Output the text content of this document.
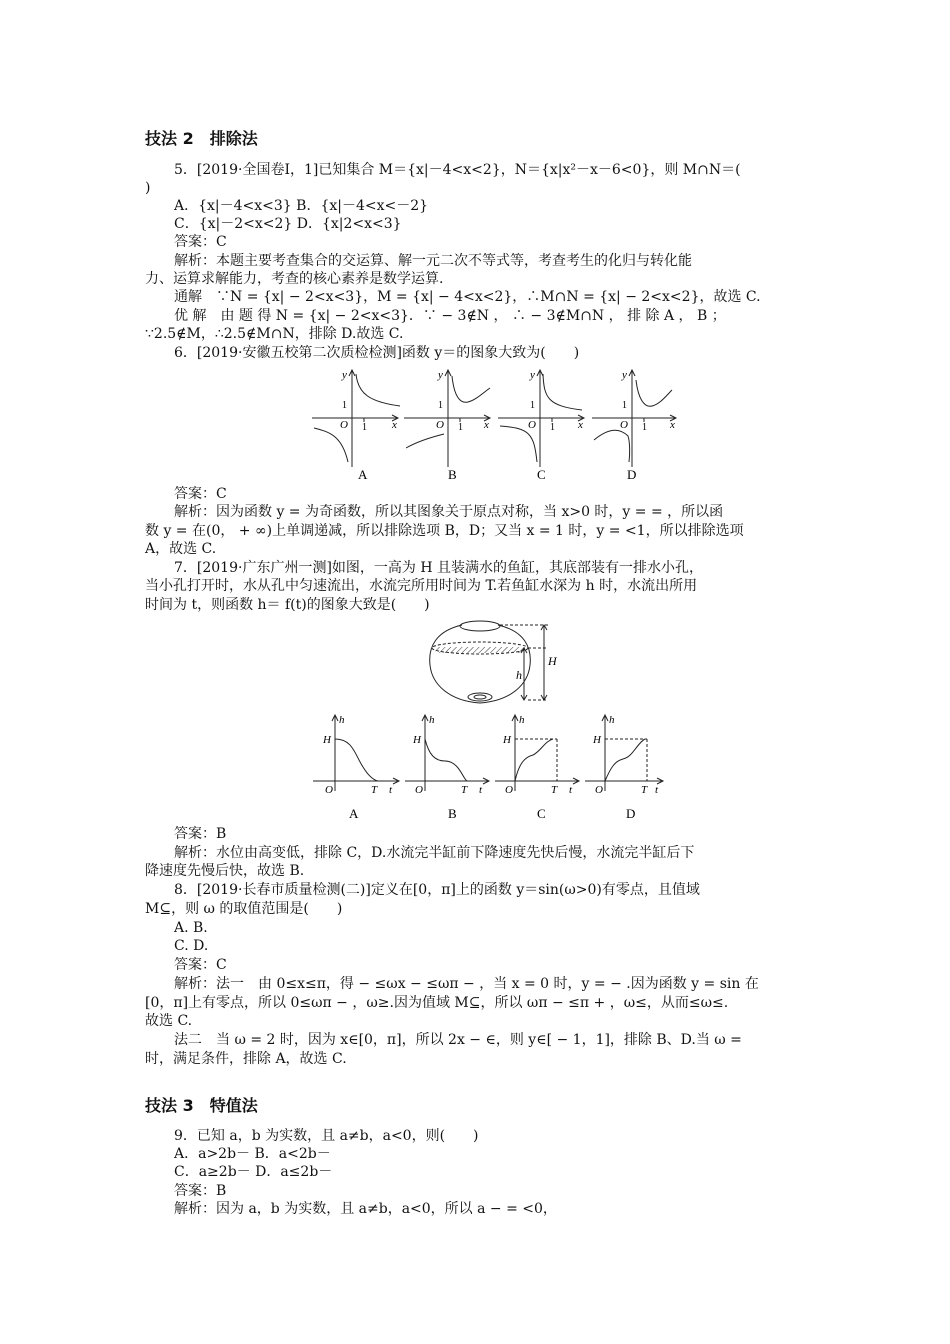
技法 2　排除法
5．[2019·全国卷Ⅰ，1]已知集合 M＝{x|－4<x<2}，N＝{x|x²－x－6<0}，则 M∩N＝(
)
A．{x|－4<x<3} B．{x|－4<x<－2}
C．{x|－2<x<2} D．{x|2<x<3}
答案：C
解析：本题主要考查集合的交运算、解一元二次不等式等，考查考生的化归与转化能
力、运算求解能力，考查的核心素养是数学运算.
通解　∵N = {x| − 2<x<3}，M = {x| − 4<x<2}，∴M∩N = {x| − 2<x<2}，故选 C.
优 解　由 题 得 N = {x| − 2<x<3}．∵ − 3∉N ， ∴ − 3∉M∩N ， 排 除 A ， B ；
∵2.5∉M，∴2.5∉M∩N，排除 D.故选 C.
6．[2019·安徽五校第二次质检检测]函数 y＝的图象大致为(　　)
y
x
O 1
1
A
y
x
O 1
1
B
y
x
O 1
1
C
y
x
O 1
1
D
答案：C
解析：因为函数 y = 为奇函数，所以其图象关于原点对称，当 x>0 时，y = = ，所以函
数 y = 在(0， + ∞)上单调递减，所以排除选项 B，D；又当 x = 1 时，y = <1，所以排除选项
A，故选 C.
7．[2019·广东广州一测]如图，一高为 H 且装满水的鱼缸，其底部装有一排水小孔，
当小孔打开时，水从孔中匀速流出，水流完所用时间为 T.若鱼缸水深为 h 时，水流出所用
时间为 t，则函数 h＝ f(t)的图象大致是(　　)
H
h
h
H
O	T t
A
h
H
O	T t
B
h
H
O	T t
C
h
H
O	T t
D
答案：B
解析：水位由高变低，排除 C，D.水流完半缸前下降速度先快后慢，水流完半缸后下
降速度先慢后快，故选 B.
8．[2019·长春市质量检测(二)]定义在[0，π]上的函数 y＝sin(ω>0)有零点，且值域
M⊆，则 ω 的取值范围是(　　)
A. B.
C. D.
答案：C
解析：法一　由 0≤x≤π，得 − ≤ωx − ≤ωπ − ，当 x = 0 时，y = − .因为函数 y = sin 在
[0，π]上有零点，所以 0≤ωπ − ，ω≥.因为值域 M⊆，所以 ωπ − ≤π + ，ω≤，从而≤ω≤.
故选 C.
法二　当 ω = 2 时，因为 x∈[0，π]，所以 2x − ∈，则 y∈[ − 1，1]，排除 B、D.当 ω =
时，满足条件，排除 A，故选 C.
技法 3　特值法
9．已知 a，b 为实数，且 a≠b，a<0，则(　　)
A．a>2b－ B．a<2b－
C．a≥2b－ D．a≤2b－
答案：B
解析：因为 a，b 为实数，且 a≠b，a<0，所以 a − = <0，
